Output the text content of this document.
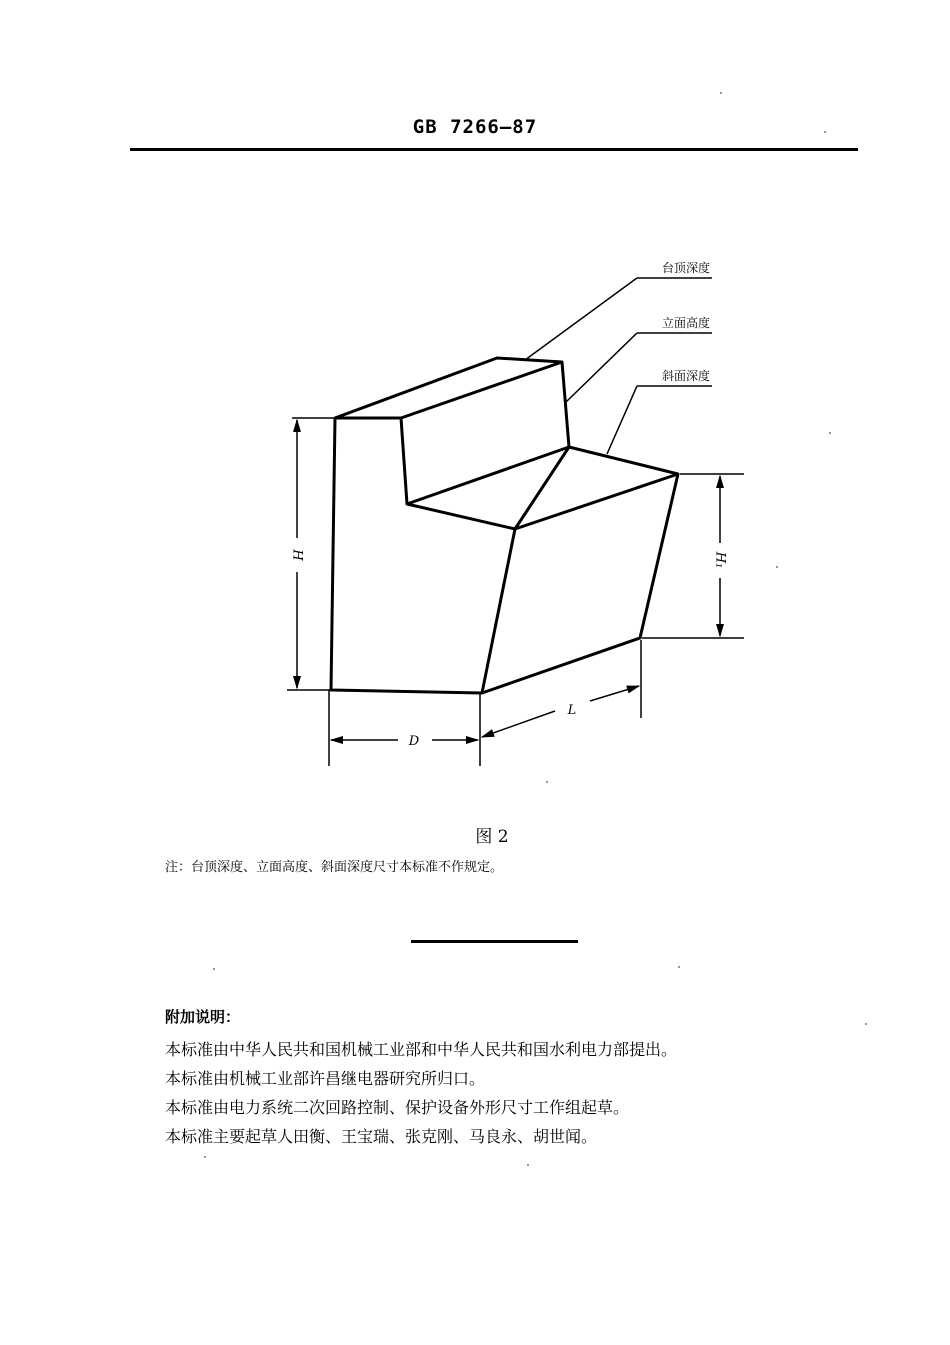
GB 7266—87
台顶深度
立面高度
斜面深度
H	H₁
D
L
图 2
注：台顶深度、立面高度、斜面深度尺寸本标准不作规定。
附加说明：
本标准由中华人民共和国机械工业部和中华人民共和国水利电力部提出。
本标准由机械工业部许昌继电器研究所归口。
本标准由电力系统二次回路控制、保护设备外形尺寸工作组起草。
本标准主要起草人田衡、王宝瑞、张克刚、马良永、胡世闻。
